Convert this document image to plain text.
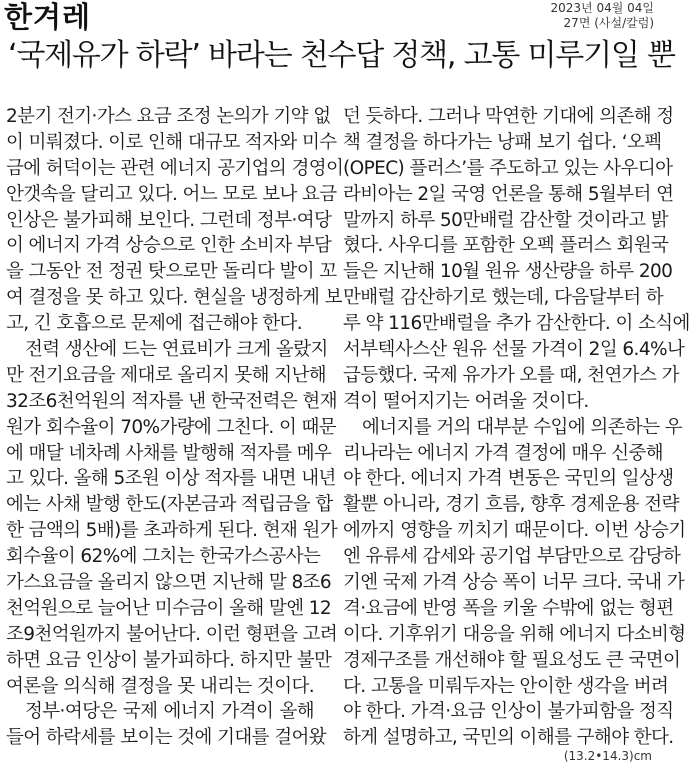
한겨레	2023년 04월 04일
27면 (사설/칼럼)
‘국제유가 하락’ 바라는 천수답 정책, 고통 미루기일 뿐
2분기 전기·가스 요금 조정 논의가 기약 없
이 미뤄졌다. 이로 인해 대규모 적자와 미수
금에 허덕이는 관련 에너지 공기업의 경영이
안갯속을 달리고 있다. 어느 모로 보나 요금
인상은 불가피해 보인다. 그런데 정부·여당
이 에너지 가격 상승으로 인한 소비자 부담
을 그동안 전 정권 탓으로만 돌리다 발이 꼬
여 결정을 못 하고 있다. 현실을 냉정하게 보
고, 긴 호흡으로 문제에 접근해야 한다.
전력 생산에 드는 연료비가 크게 올랐지
만 전기요금을 제대로 올리지 못해 지난해
32조6천억원의 적자를 낸 한국전력은 현재
원가 회수율이 70%가량에 그친다. 이 때문
에 매달 네차례 사채를 발행해 적자를 메우
고 있다. 올해 5조원 이상 적자를 내면 내년
에는 사채 발행 한도(자본금과 적립금을 합
한 금액의 5배)를 초과하게 된다. 현재 원가
회수율이 62%에 그치는 한국가스공사는
가스요금을 올리지 않으면 지난해 말 8조6
천억원으로 늘어난 미수금이 올해 말엔 12
조9천억원까지 불어난다. 이런 형편을 고려
하면 요금 인상이 불가피하다. 하지만 불만
여론을 의식해 결정을 못 내리는 것이다.
정부·여당은 국제 에너지 가격이 올해
들어 하락세를 보이는 것에 기대를 걸어왔
던 듯하다. 그러나 막연한 기대에 의존해 정
책 결정을 하다가는 낭패 보기 쉽다. ‘오펙
(OPEC) 플러스’를 주도하고 있는 사우디아
라비아는 2일 국영 언론을 통해 5월부터 연
말까지 하루 50만배럴 감산할 것이라고 밝
혔다. 사우디를 포함한 오펙 플러스 회원국
들은 지난해 10월 원유 생산량을 하루 200
만배럴 감산하기로 했는데, 다음달부터 하
루 약 116만배럴을 추가 감산한다. 이 소식에
서부텍사스산 원유 선물 가격이 2일 6.4%나
급등했다. 국제 유가가 오를 때, 천연가스 가
격이 떨어지기는 어려울 것이다.
에너지를 거의 대부분 수입에 의존하는 우
리나라는 에너지 가격 결정에 매우 신중해
야 한다. 에너지 가격 변동은 국민의 일상생
활뿐 아니라, 경기 흐름, 향후 경제운용 전략
에까지 영향을 끼치기 때문이다. 이번 상승기
엔 유류세 감세와 공기업 부담만으로 감당하
기엔 국제 가격 상승 폭이 너무 크다. 국내 가
격·요금에 반영 폭을 키울 수밖에 없는 형편
이다. 기후위기 대응을 위해 에너지 다소비형
경제구조를 개선해야 할 필요성도 큰 국면이
다. 고통을 미뤄두자는 안이한 생각을 버려
야 한다. 가격·요금 인상이 불가피함을 정직
하게 설명하고, 국민의 이해를 구해야 한다.
(13.2•14.3)cm
